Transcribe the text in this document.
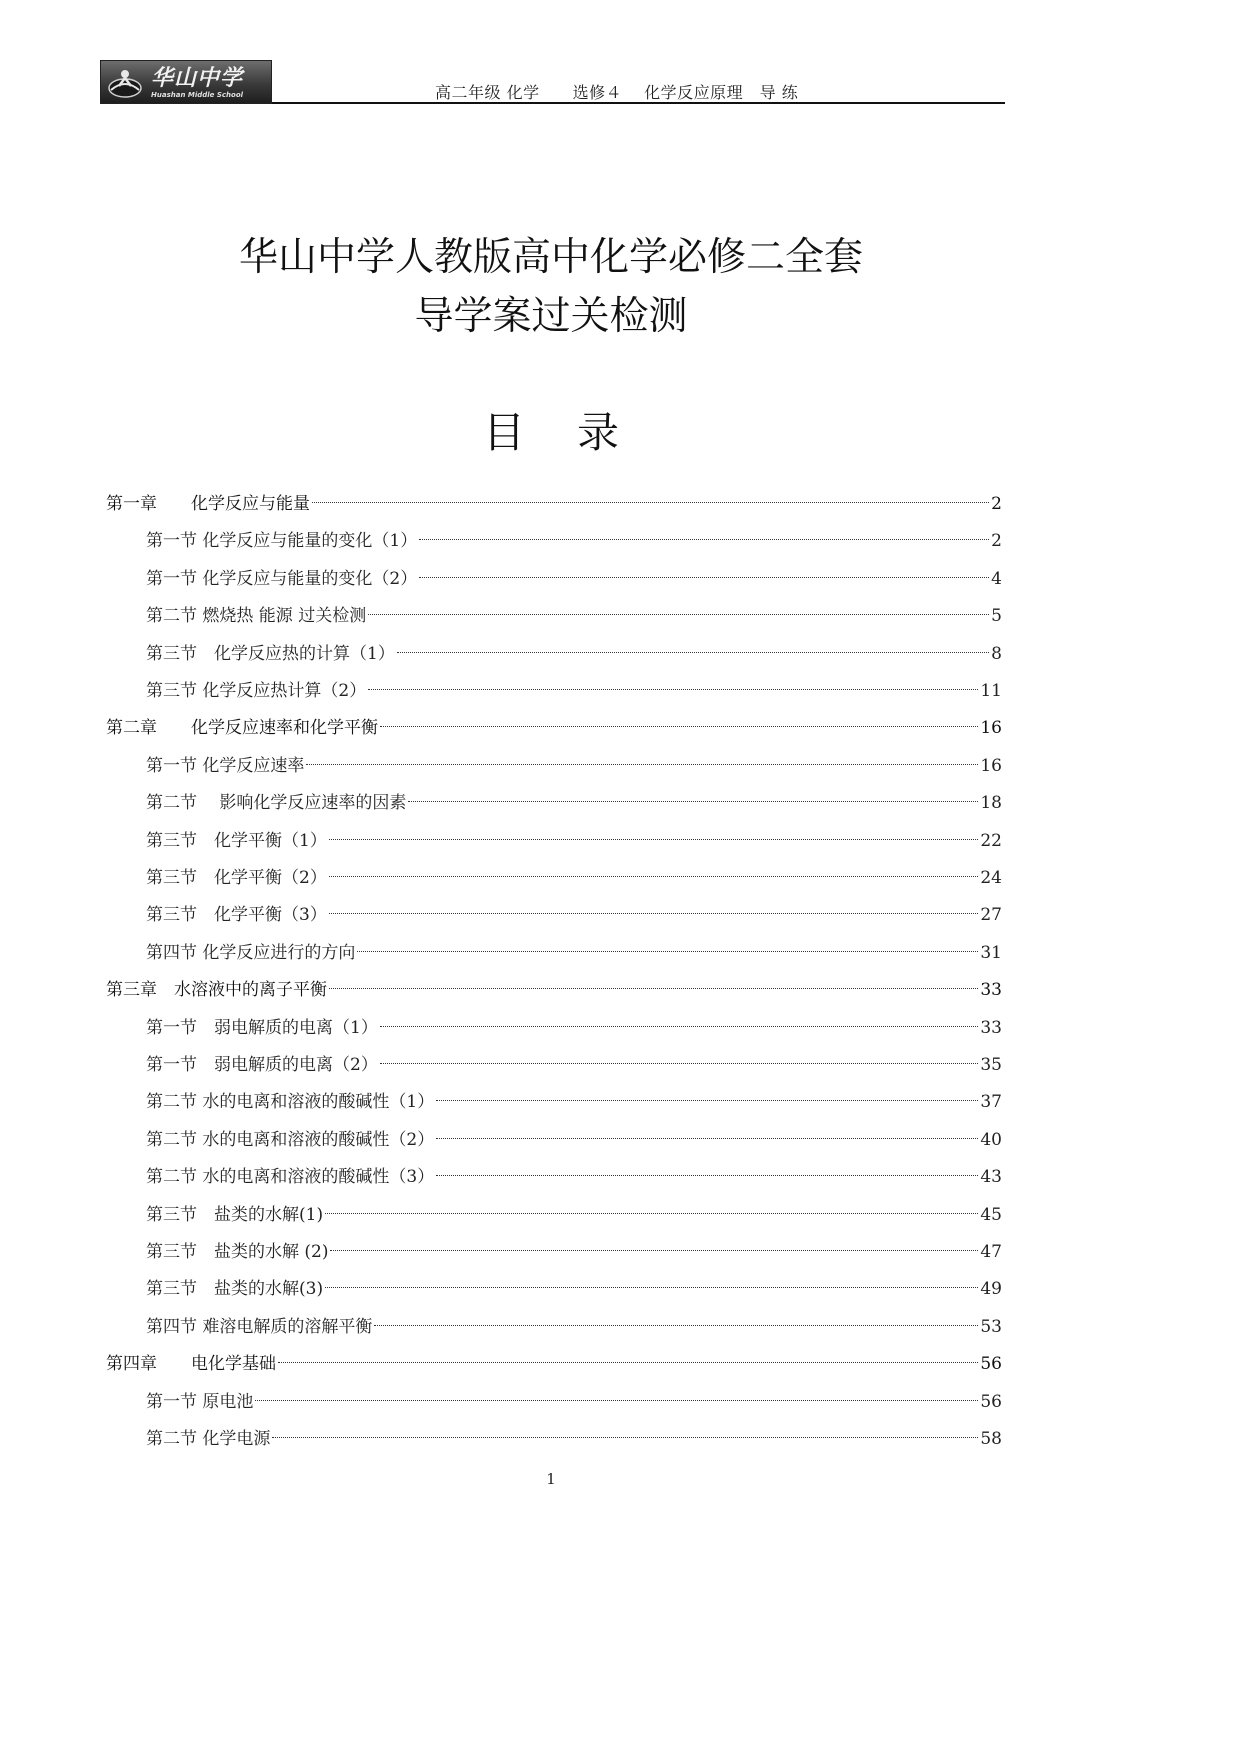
华山中学
Huashan Middle School	高二年级 化学　　选修４　 化学反应原理　导 练
华山中学人教版高中化学必修二全套
导学案过关检测
目录
第一章　　化学反应与能量	2
第一节 化学反应与能量的变化（1）	2
第一节 化学反应与能量的变化（2）	4
第二节 燃烧热 能源 过关检测	5
第三节　化学反应热的计算（1）	8
第三节 化学反应热计算（2）	11
第二章　　化学反应速率和化学平衡	16
第一节 化学反应速率	16
第二节　 影响化学反应速率的因素	18
第三节　化学平衡（1）	22
第三节　化学平衡（2）	24
第三节　化学平衡（3）	27
第四节 化学反应进行的方向	31
第三章　水溶液中的离子平衡	33
第一节　弱电解质的电离（1）	33
第一节　弱电解质的电离（2）	35
第二节 水的电离和溶液的酸碱性（1）	37
第二节 水的电离和溶液的酸碱性（2）	40
第二节 水的电离和溶液的酸碱性（3）	43
第三节　盐类的水解(1)	45
第三节　盐类的水解 (2)	47
第三节　盐类的水解(3)	49
第四节 难溶电解质的溶解平衡	53
第四章　　电化学基础	56
第一节 原电池	56
第二节 化学电源	58
1
